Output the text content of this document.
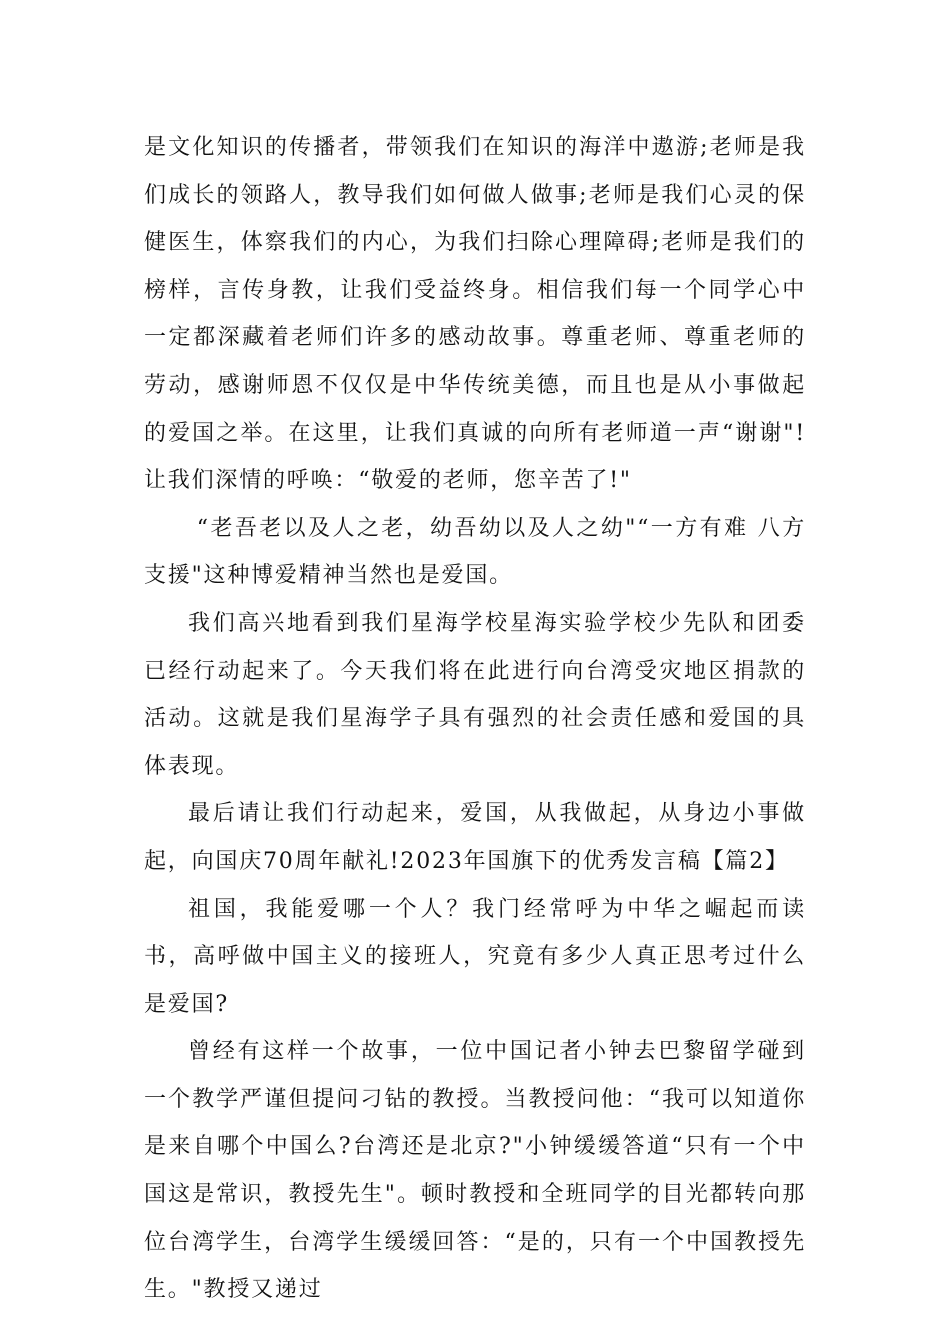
是文化知识的传播者，带领我们在知识的海洋中遨游;老师是我们成长的领路人，教导我们如何做人做事;老师是我们心灵的保健医生，体察我们的内心，为我们扫除心理障碍;老师是我们的榜样，言传身教，让我们受益终身。相信我们每一个同学心中一定都深藏着老师们许多的感动故事。尊重老师、尊重老师的劳动，感谢师恩不仅仅是中华传统美德，而且也是从小事做起的爱国之举。在这里，让我们真诚的向所有老师道一声“谢谢"!让我们深情的呼唤：“敬爱的老师，您辛苦了!"

“老吾老以及人之老，幼吾幼以及人之幼"“一方有难 八方支援"这种博爱精神当然也是爱国。

我们高兴地看到我们星海学校星海实验学校少先队和团委已经行动起来了。今天我们将在此进行向台湾受灾地区捐款的活动。这就是我们星海学子具有强烈的社会责任感和爱国的具体表现。

最后请让我们行动起来，爱国，从我做起，从身边小事做起，向国庆70周年献礼!2023年国旗下的优秀发言稿【篇2】

祖国，我能爱哪一个人？我门经常呼为中华之崛起而读书，高呼做中国主义的接班人，究竟有多少人真正思考过什么是爱国?

曾经有这样一个故事，一位中国记者小钟去巴黎留学碰到一个教学严谨但提问刁钻的教授。当教授问他：“我可以知道你是来自哪个中国么?台湾还是北京?"小钟缓缓答道“只有一个中国这是常识，教授先生"。顿时教授和全班同学的目光都转向那位台湾学生，台湾学生缓缓回答：“是的，只有一个中国教授先生。"教授又递过
